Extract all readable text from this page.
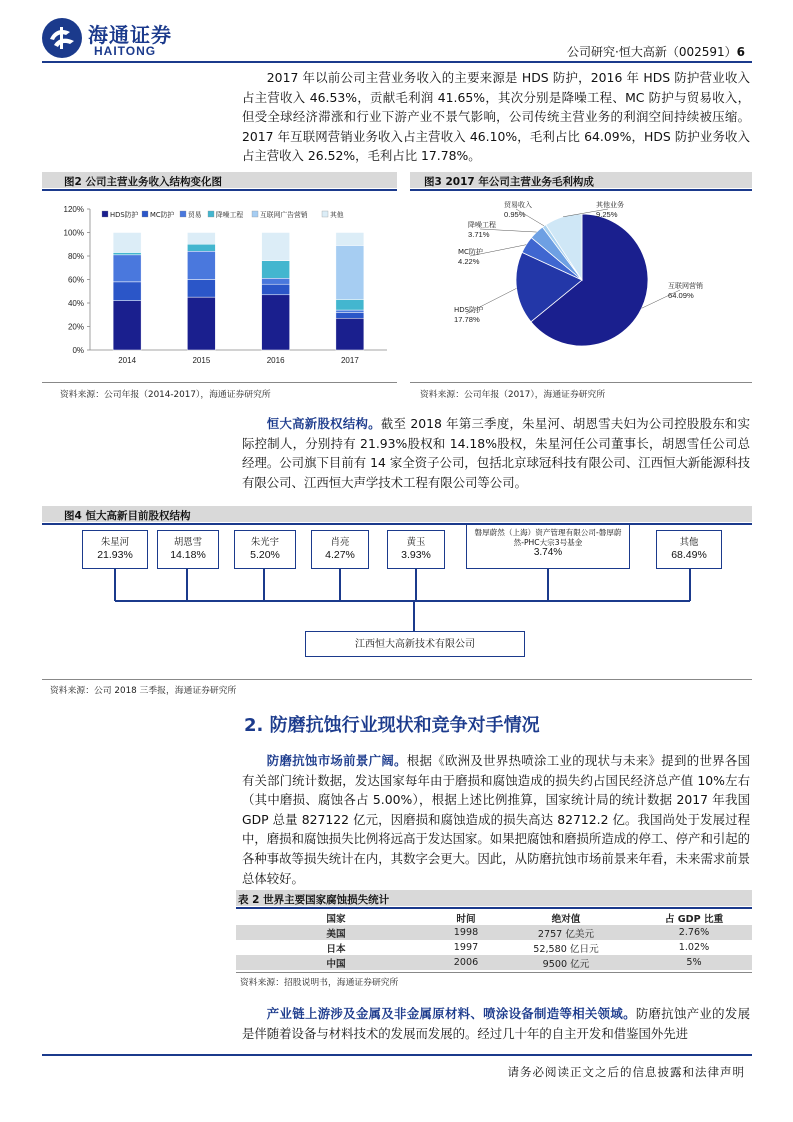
海通证券
HAITONG	公司研究·恒大高新（002591）6
2017 年以前公司主营业务收入的主要来源是 HDS 防护，2016 年 HDS 防护营业收入占主营收入 46.53%，贡献毛利润 41.65%，其次分别是降噪工程、MC 防护与贸易收入，但受全球经济滞涨和行业下游产业不景气影响，公司传统主营业务的利润空间持续被压缩。2017 年互联网营销业务收入占主营收入 46.10%，毛利占比 64.09%，HDS 防护业务收入占主营收入 26.52%，毛利占比 17.78%。
图2 公司主营业务收入结构变化图
0%
20%
40%
60%
80%
100%
120%
2014	2015	2016	2017
HDS防护 MC防护 贸易 降噪工程 互联网广告营销	其他
资料来源：公司年报（2014-2017），海通证券研究所
图3 2017 年公司主营业务毛利构成
互联网营销
64.09%
HDS防护
17.78%
MC防护
4.22%
降噪工程
3.71%
贸易收入
0.95%
其他业务
9.25%
资料来源：公司年报（2017），海通证券研究所
恒大高新股权结构。截至 2018 年第三季度，朱星河、胡恩雪夫妇为公司控股股东和实际控制人，分别持有 21.93%股权和 14.18%股权，朱星河任公司董事长，胡恩雪任公司总经理。公司旗下目前有 14 家全资子公司，包括北京球冠科技有限公司、江西恒大新能源科技有限公司、江西恒大声学技术工程有限公司等公司。
图4 恒大高新目前股权结构
朱星河
21.93%
胡恩雪
14.18%
朱光宇
5.20%
肖亮
4.27%
黄玉
3.93%
磐厚蔚然（上海）资产管理有限公司-磐厚蔚然-PHC大宗3号基金
3.74%
其他
68.49%
江西恒大高新技术有限公司
资料来源：公司 2018 三季报，海通证券研究所
2. 防磨抗蚀行业现状和竞争对手情况
防磨抗蚀市场前景广阔。根据《欧洲及世界热喷涂工业的现状与未来》提到的世界各国有关部门统计数据，发达国家每年由于磨损和腐蚀造成的损失约占国民经济总产值 10%左右（其中磨损、腐蚀各占 5.00%），根据上述比例推算，国家统计局的统计数据 2017 年我国 GDP 总量 827122 亿元，因磨损和腐蚀造成的损失高达 82712.2 亿。我国尚处于发展过程中，磨损和腐蚀损失比例将远高于发达国家。如果把腐蚀和磨损所造成的停工、停产和引起的各种事故等损失统计在内，其数字会更大。因此，从防磨抗蚀市场前景来年看，未来需求前景总体较好。
表 2 世界主要国家腐蚀损失统计
国家	时间	绝对值	占 GDP 比重
美国	1998	2757 亿美元	2.76%
日本	1997	52,580 亿日元	1.02%
中国	2006	9500 亿元	5%
资料来源：招股说明书，海通证券研究所
产业链上游涉及金属及非金属原材料、喷涂设备制造等相关领域。防磨抗蚀产业的发展是伴随着设备与材料技术的发展而发展的。经过几十年的自主开发和借鉴国外先进
请务必阅读正文之后的信息披露和法律声明
